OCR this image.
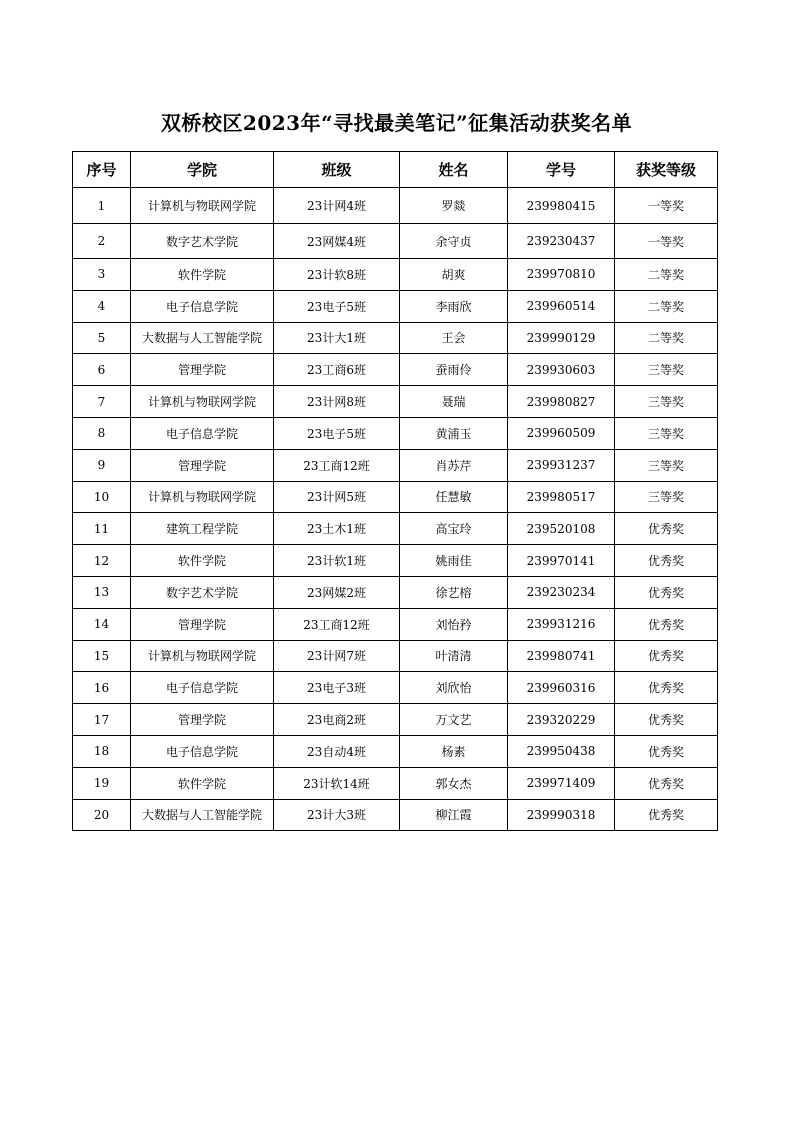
双桥校区2023年“寻找最美笔记”征集活动获奖名单
序号	学院	班级	姓名	学号	获奖等级
1	计算机与物联网学院	23计网4班	罗燚	239980415	一等奖
2	数字艺术学院	23网媒4班	余守贞	239230437	一等奖
3	软件学院	23计软8班	胡爽	239970810	二等奖
4	电子信息学院	23电子5班	李雨欣	239960514	二等奖
5	大数据与人工智能学院	23计大1班	王会	239990129	二等奖
6	管理学院	23工商6班	蚕雨伶	239930603	三等奖
7	计算机与物联网学院	23计网8班	聂瑞	239980827	三等奖
8	电子信息学院	23电子5班	黄浦玉	239960509	三等奖
9	管理学院	23工商12班	肖苏芹	239931237	三等奖
10	计算机与物联网学院	23计网5班	任慧敏	239980517	三等奖
11	建筑工程学院	23土木1班	高宝玲	239520108	优秀奖
12	软件学院	23计软1班	姚雨佳	239970141	优秀奖
13	数字艺术学院	23网媒2班	徐艺榕	239230234	优秀奖
14	管理学院	23工商12班	刘怡矜	239931216	优秀奖
15	计算机与物联网学院	23计网7班	叶清清	239980741	优秀奖
16	电子信息学院	23电子3班	刘欣怡	239960316	优秀奖
17	管理学院	23电商2班	万文艺	239320229	优秀奖
18	电子信息学院	23自动4班	杨素	239950438	优秀奖
19	软件学院	23计软14班	郭女杰	239971409	优秀奖
20	大数据与人工智能学院	23计大3班	柳江霞	239990318	优秀奖
